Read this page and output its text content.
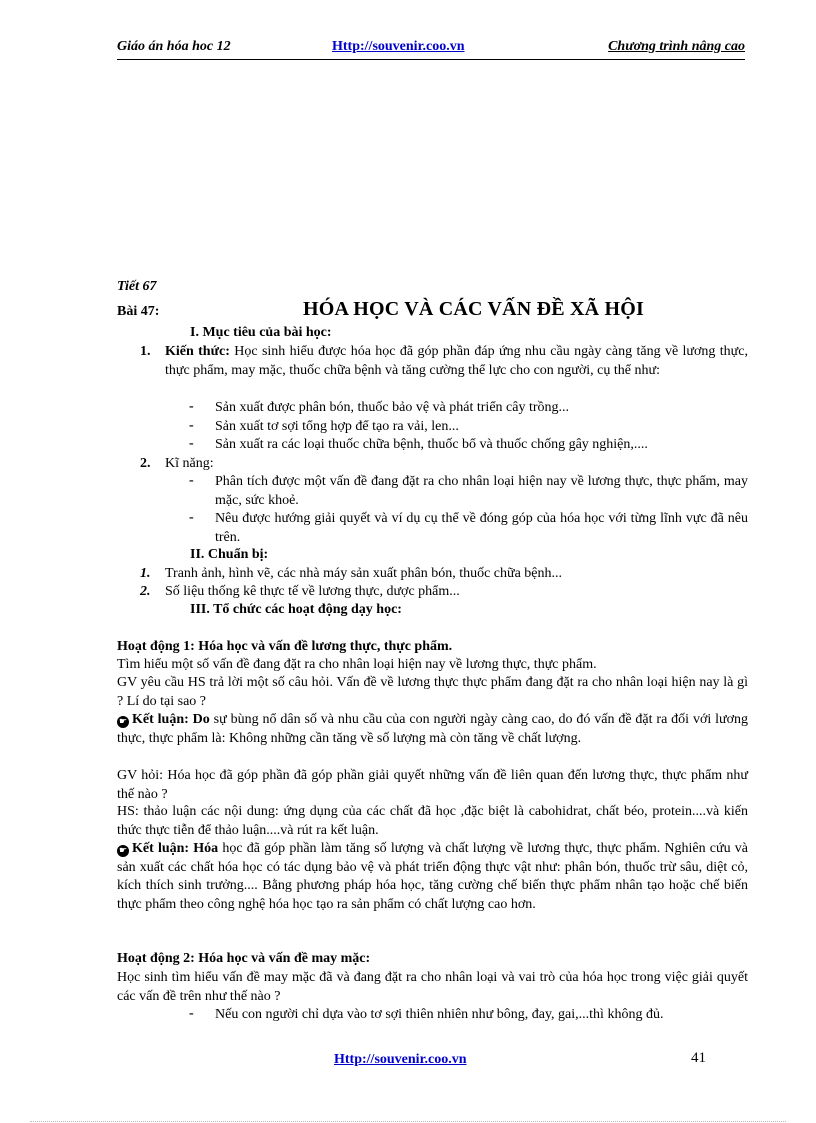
Giáo án hóa hoc 12	Http://souvenir.coo.vn	Chương trình nâng cao
Tiết 67
Bài 47:	HÓA HỌC VÀ CÁC VẤN ĐỀ XÃ HỘI
I. Mục tiêu của bài học:
1. Kiến thức: Học sinh hiểu được hóa học đã góp phần đáp ứng nhu cầu ngày càng tăng về lương thực, thực phẩm, may mặc, thuốc chữa bệnh và tăng cường thể lực cho con người, cụ thể như:
- Sản xuất được phân bón, thuốc bảo vệ và phát triển cây trồng...
- Sản xuất tơ sợi tổng hợp để tạo ra vải, len...
- Sản xuất ra các loại thuốc chữa bệnh, thuốc bổ và thuốc chống gây nghiện,....
2. Kĩ năng:
- Phân tích được một vấn đề đang đặt ra cho nhân loại hiện nay về lương thực, thực phẩm, may mặc, sức khoẻ.
- Nêu được hướng giải quyết và ví dụ cụ thể về đóng góp của hóa học với từng lĩnh vực đã nêu trên.
II. Chuẩn bị:
1. Tranh ảnh, hình vẽ, các nhà máy sản xuất phân bón, thuốc chữa bệnh...
2. Số liệu thống kê thực tế về lương thực, dược phẩm...
III. Tổ chức các hoạt động dạy học:
Hoạt động 1: Hóa học và vấn đề lương thực, thực phẩm.
Tìm hiểu một số vấn đề đang đặt ra cho nhân loại hiện nay về lương thực, thực phẩm.
GV yêu cầu HS trả lời một số câu hỏi. Vấn đề về lương thực thực phẩm đang đặt ra cho nhân loại hiện nay là gì ? Lí do tại sao ?
☛ Kết luận: Do sự bùng nổ dân số và nhu cầu của con người ngày càng cao, do đó vấn đề đặt ra đối với lương thực, thực phẩm là: Không những cần tăng về số lượng mà còn tăng về chất lượng.
GV hỏi: Hóa học đã góp phần đã góp phần giải quyết những vấn đề liên quan đến lương thực, thực phẩm như thế nào ?
HS: thảo luận các nội dung: ứng dụng của các chất đã học ,đặc biệt là cabohidrat, chất béo, protein....và kiến thức thực tiễn để thảo luận....và rút ra kết luận.
☛ Kết luận: Hóa học đã góp phần làm tăng số lượng và chất lượng về lương thực, thực phẩm. Nghiên cứu và sản xuất các chất hóa học có tác dụng bảo vệ và phát triển động thực vật như: phân bón, thuốc trừ sâu, diệt cỏ, kích thích sinh trưởng.... Bằng phương pháp hóa học, tăng cường chế biến thực phẩm nhân tạo hoặc chế biến thực phẩm theo công nghệ hóa học tạo ra sản phẩm có chất lượng cao hơn.
Hoạt động 2: Hóa học và vấn đề may mặc:
Học sinh tìm hiểu vấn đề may mặc đã và đang đặt ra cho nhân loại và vai trò của hóa học trong việc giải quyết các vấn đề trên như thế nào ?
- Nếu con người chỉ dựa vào tơ sợi thiên nhiên như bông, đay, gai,...thì không đủ.
Http://souvenir.coo.vn	41
